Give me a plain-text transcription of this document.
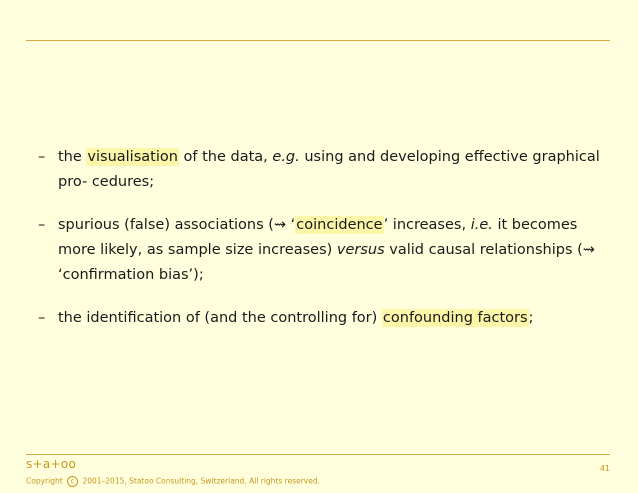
– the visualisation of the data, e.g. using and developing effective graphical pro- cedures;
– spurious (false) associations (⇝ ‘coincidence’ increases, i.e. it becomes more likely, as sample size increases) versus valid causal relationships (⇝ ‘confirmation bias’);
– the identification of (and the controlling for) confounding factors;
s+a+oo
Copyright c 2001–2015, Statoo Consulting, Switzerland. All rights reserved.
41
